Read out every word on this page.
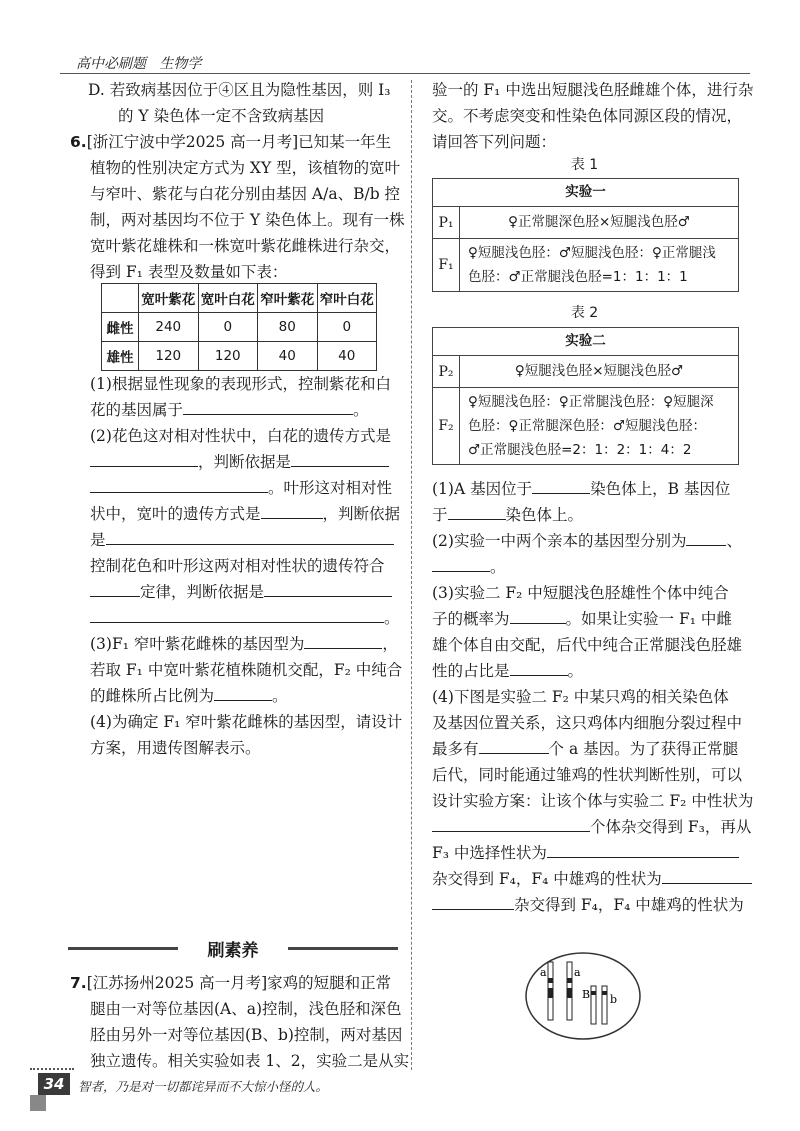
高中必刷题 生物学
D. 若致病基因位于④区且为隐性基因，则 Ⅰ₃
的 Y 染色体一定不含致病基因
6.[浙江宁波中学2025 高一月考]已知某一年生
植物的性别决定方式为 XY 型，该植物的宽叶
与窄叶、紫花与白花分别由基因 A/a、B/b 控
制，两对基因均不位于 Y 染色体上。现有一株
宽叶紫花雄株和一株宽叶紫花雌株进行杂交，
得到 F₁ 表型及数量如下表：
	宽叶紫花	宽叶白花	窄叶紫花	窄叶白花
雌性	240	0	80	0
雄性	120	120	40	40
(1)根据显性现象的表现形式，控制紫花和白
花的基因属于	。
(2)花色这对相对性状中，白花的遗传方式是
，判断依据是
。叶形这对相对性
状中，宽叶的遗传方式是	，判断依据
是
控制花色和叶形这两对相对性状的遗传符合
定律，判断依据是
。
(3)F₁ 窄叶紫花雌株的基因型为	，
若取 F₁ 中宽叶紫花植株随机交配，F₂ 中纯合
的雌株所占比例为	。
(4)为确定 F₁ 窄叶紫花雌株的基因型，请设计
方案，用遗传图解表示。
刷素养
7.[江苏扬州2025 高一月考]家鸡的短腿和正常
腿由一对等位基因(A、a)控制，浅色胫和深色
胫由另外一对等位基因(B、b)控制，两对基因
独立遗传。相关实验如表 1、2，实验二是从实
验一的 F₁ 中选出短腿浅色胫雌雄个体，进行杂
交。不考虑突变和性染色体同源区段的情况，
请回答下列问题：
表 1
实验一
P₁	♀正常腿深色胫×短腿浅色胫♂
F₁
♀短腿浅色胫：♂短腿浅色胫：♀正常腿浅
色胫：♂正常腿浅色胫=1：1：1：1
表 2
实验二
P₂	♀短腿浅色胫×短腿浅色胫♂
F₂
♀短腿浅色胫：♀正常腿浅色胫：♀短腿深
色胫：♀正常腿深色胫：♂短腿浅色胫：
♂正常腿浅色胫=2：1：2：1：4：2
(1)A 基因位于	染色体上，B 基因位
于	染色体上。
(2)实验一中两个亲本的基因型分别为	、
。
(3)实验二 F₂ 中短腿浅色胫雄性个体中纯合
子的概率为	。如果让实验一 F₁ 中雌
雄个体自由交配，后代中纯合正常腿浅色胫雄
性的占比是	。
(4)下图是实验二 F₂ 中某只鸡的相关染色体
及基因位置关系，这只鸡体内细胞分裂过程中
最多有	个 a 基因。为了获得正常腿
后代，同时能通过雏鸡的性状判断性别，可以
设计实验方案：让该个体与实验二 F₂ 中性状为
个体杂交得到 F₃，再从
F₃ 中选择性状为
杂交得到 F₄，F₄ 中雄鸡的性状为
杂交得到 F₄，F₄ 中雄鸡的性状为
a a
B b
34	智者，乃是对一切都诧异而不大惊小怪的人。
